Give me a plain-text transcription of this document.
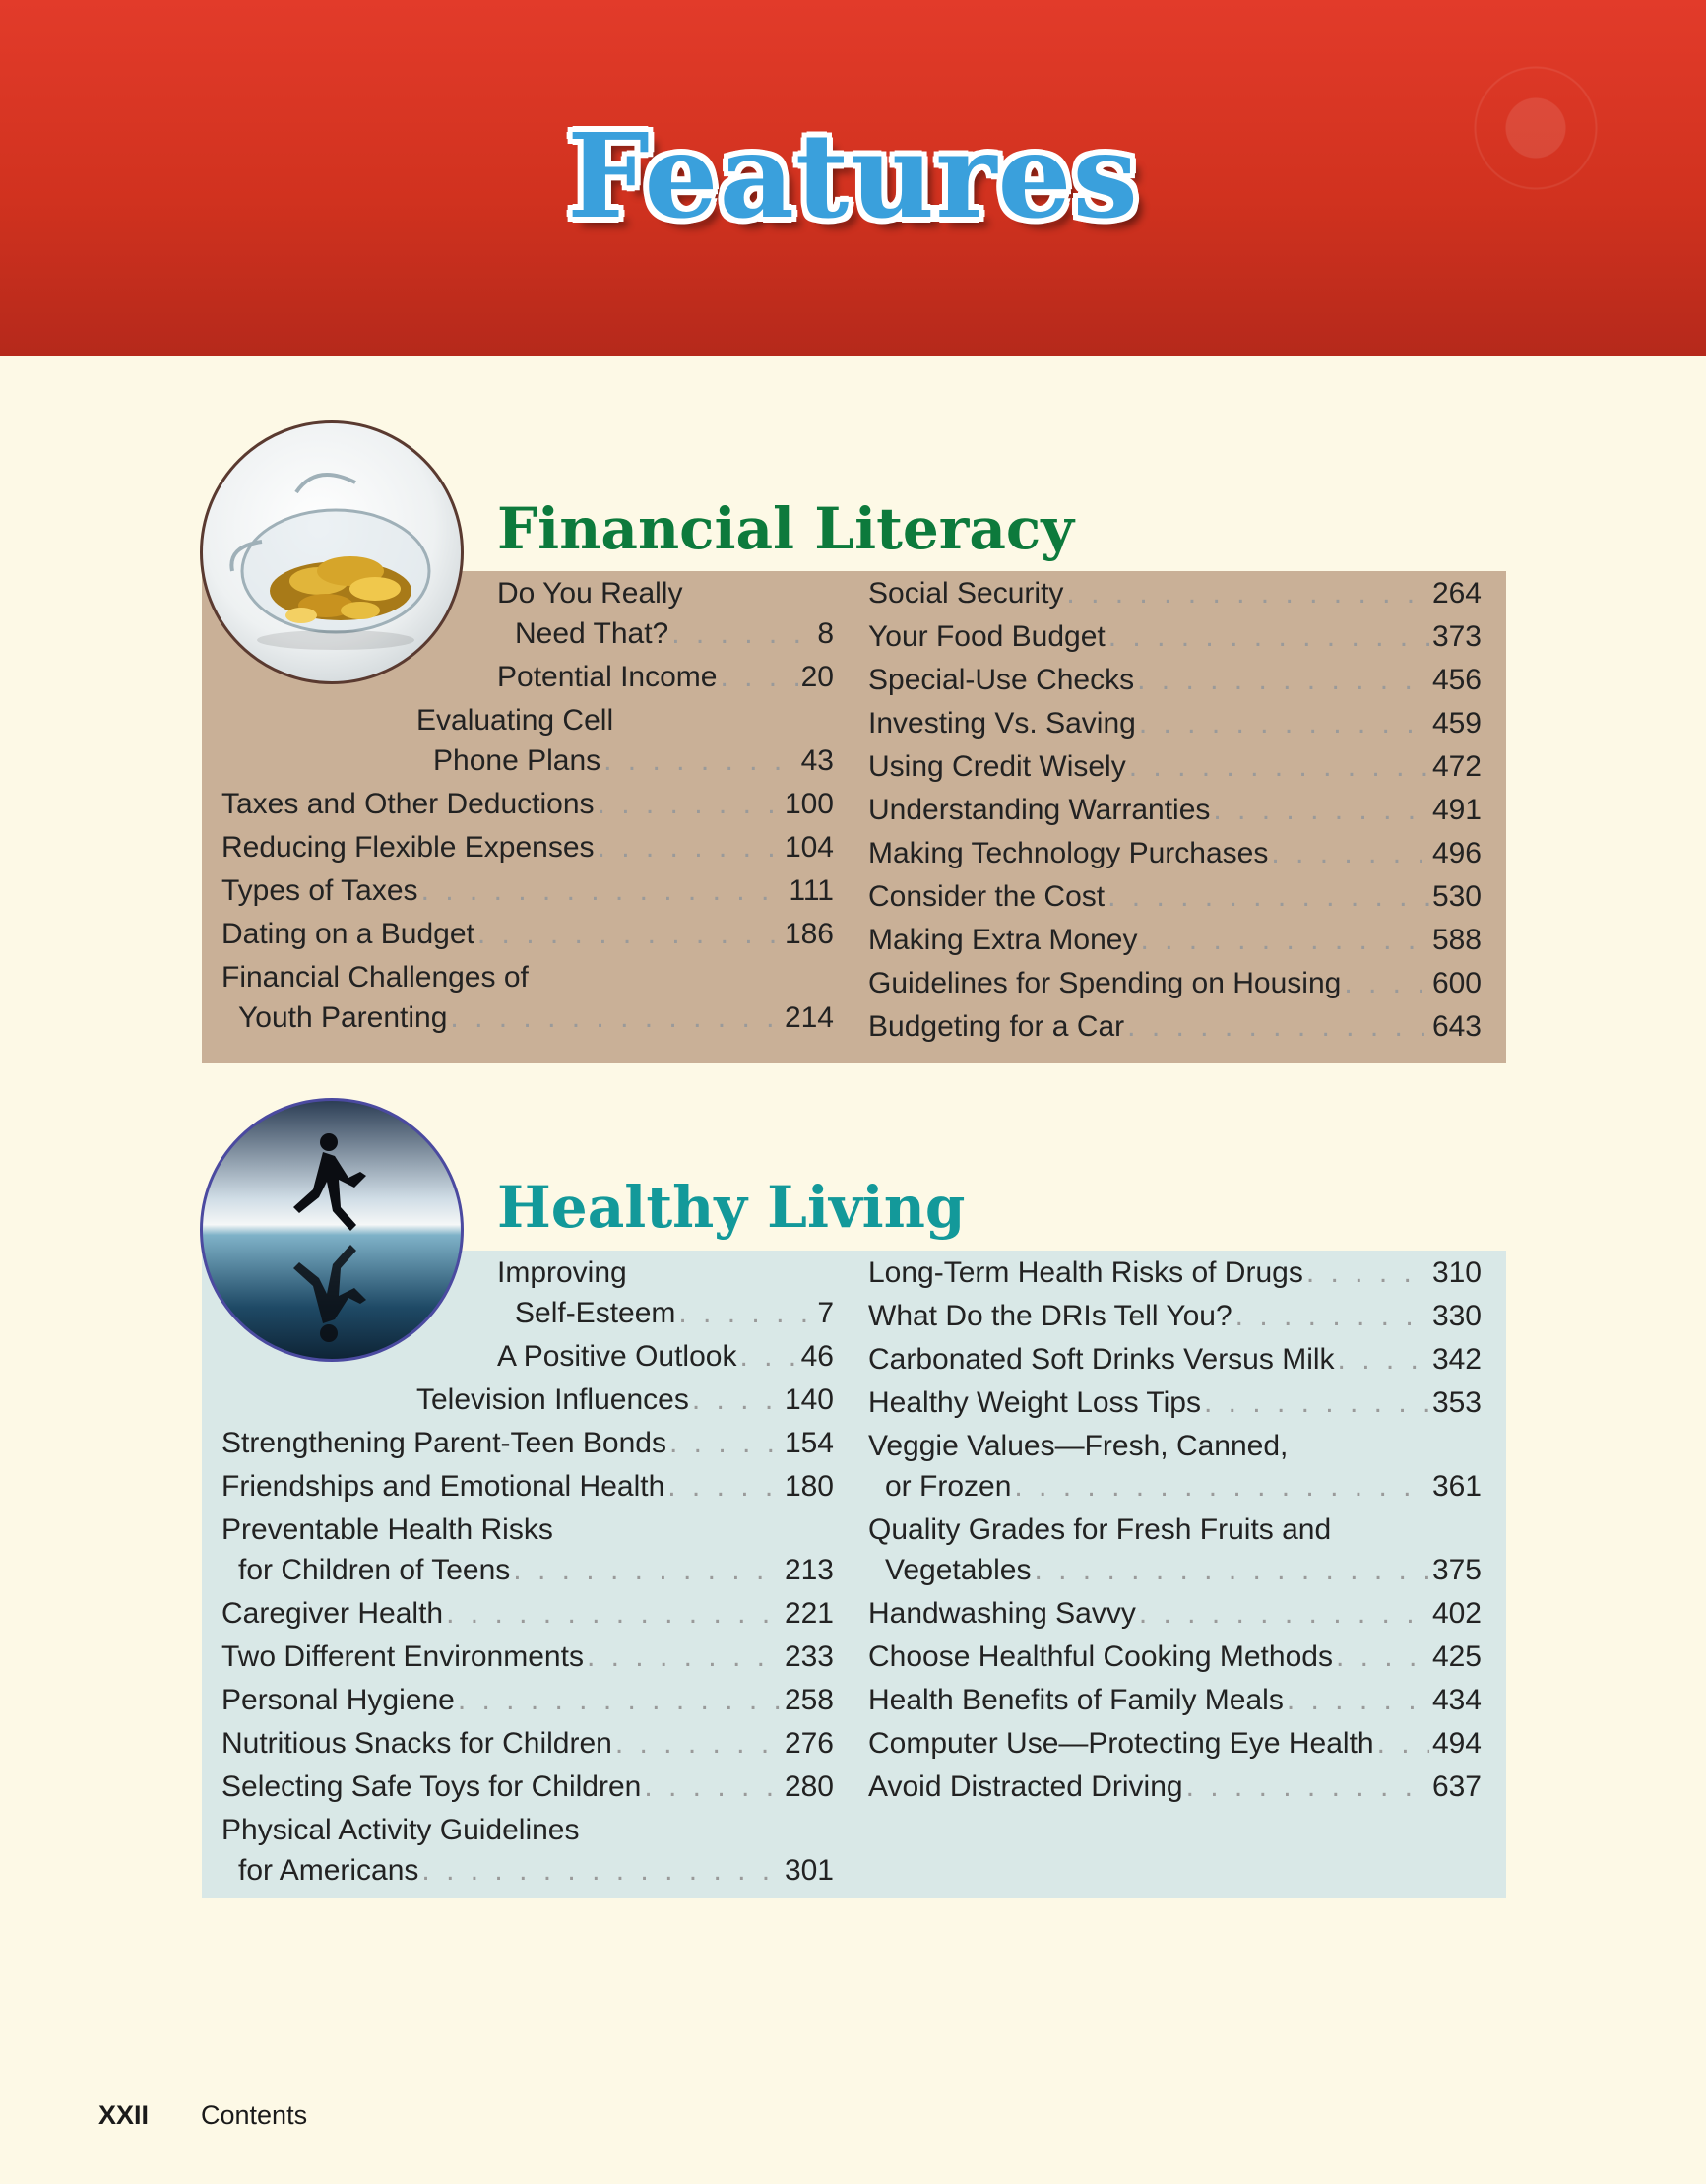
Features
Financial Literacy
Do You Really
Need That? . . .	8
Potential Income . . .	20
Evaluating Cell
Phone Plans . . .	43
Taxes and Other Deductions . . .	100
Reducing Flexible Expenses . . .	104
Types of Taxes . . .	111
Dating on a Budget . . .	186
Financial Challenges of
Youth Parenting . . .	214
Social Security . . .	264
Your Food Budget . . .	373
Special-Use Checks . . .	456
Investing Vs. Saving . . .	459
Using Credit Wisely . . .	472
Understanding Warranties . . .	491
Making Technology Purchases . . .	496
Consider the Cost . . .	530
Making Extra Money . . .	588
Guidelines for Spending on Housing . . .	600
Budgeting for a Car . . .	643
Healthy Living
Improving
Self-Esteem . . .	7
A Positive Outlook . . . 46
Television Influences . . .	140
Strengthening Parent-Teen Bonds . . .	154
Friendships and Emotional Health . . .	180
Preventable Health Risks
for Children of Teens . . .	213
Caregiver Health . . .	221
Two Different Environments . . .	233
Personal Hygiene . . .	258
Nutritious Snacks for Children . . .	276
Selecting Safe Toys for Children . . .	280
Physical Activity Guidelines
for Americans . . .	301
Long-Term Health Risks of Drugs . . .	310
What Do the DRIs Tell You? . . .	330
Carbonated Soft Drinks Versus Milk . . .	342
Healthy Weight Loss Tips . . .	353
Veggie Values—Fresh, Canned,
or Frozen . . .	361
Quality Grades for Fresh Fruits and
Vegetables . . .	375
Handwashing Savvy . . .	402
Choose Healthful Cooking Methods . . .	425
Health Benefits of Family Meals . . .	434
Computer Use—Protecting Eye Health . . . 494
Avoid Distracted Driving . . .	637
XXII Contents
